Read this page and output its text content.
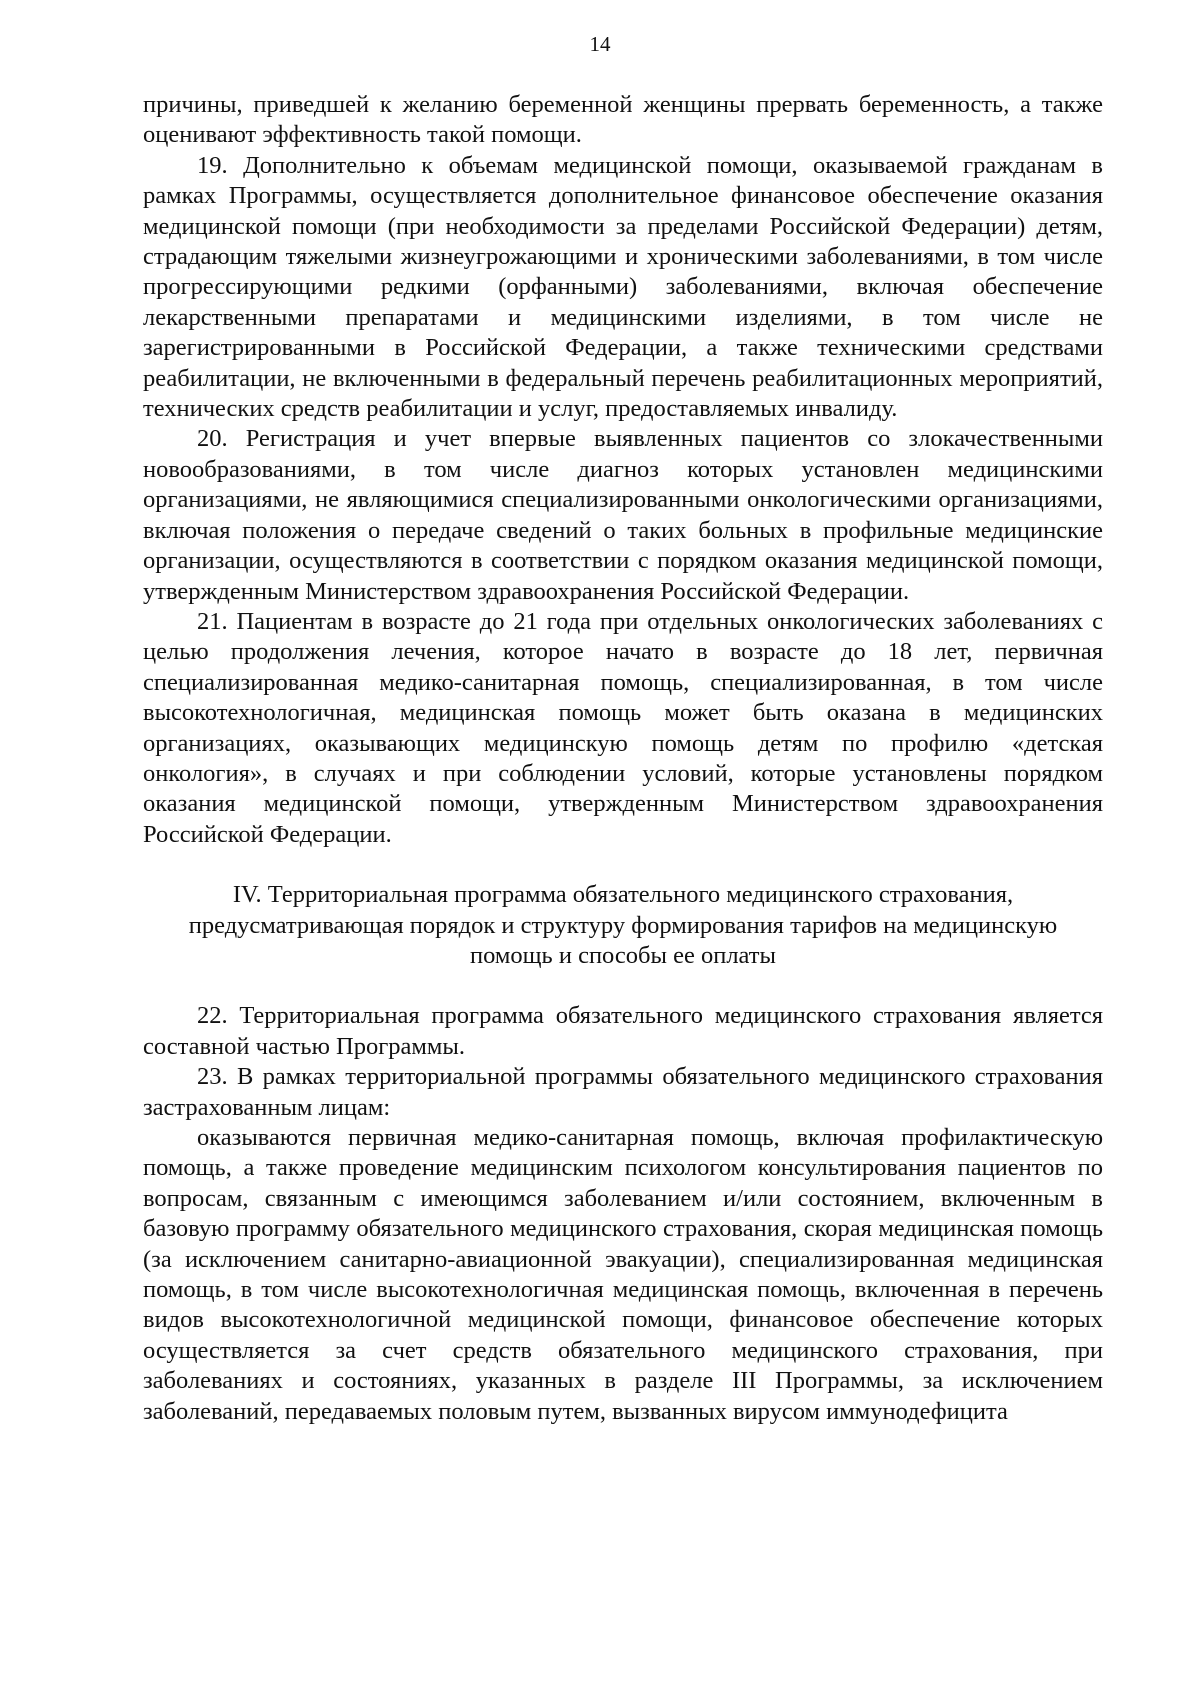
14

причины, приведшей к желанию беременной женщины прервать беременность, а также оценивают эффективность такой помощи.

19. Дополнительно к объемам медицинской помощи, оказываемой гражданам в рамках Программы, осуществляется дополнительное финансовое обеспечение оказания медицинской помощи (при необходимости за пределами Российской Федерации) детям, страдающим тяжелыми жизнеугрожающими и хроническими заболеваниями, в том числе прогрессирующими редкими (орфанными) заболеваниями, включая обеспечение лекарственными препаратами и медицинскими изделиями, в том числе не зарегистрированными в Российской Федерации, а также техническими средствами реабилитации, не включенными в федеральный перечень реабилитационных мероприятий, технических средств реабилитации и услуг, предоставляемых инвалиду.

20. Регистрация и учет впервые выявленных пациентов со злокачественными новообразованиями, в том числе диагноз которых установлен медицинскими организациями, не являющимися специализированными онкологическими организациями, включая положения о передаче сведений о таких больных в профильные медицинские организации, осуществляются в соответствии с порядком оказания медицинской помощи, утвержденным Министерством здравоохранения Российской Федерации.

21. Пациентам в возрасте до 21 года при отдельных онкологических заболеваниях с целью продолжения лечения, которое начато в возрасте до 18 лет, первичная специализированная медико-санитарная помощь, специализированная, в том числе высокотехнологичная, медицинская помощь может быть оказана в медицинских организациях, оказывающих медицинскую помощь детям по профилю «детская онкология», в случаях и при соблюдении условий, которые установлены порядком оказания медицинской помощи, утвержденным Министерством здравоохранения Российской Федерации.

IV. Территориальная программа обязательного медицинского страхования,
предусматривающая порядок и структуру формирования тарифов на медицинскую
помощь и способы ее оплаты

22. Территориальная программа обязательного медицинского страхования является составной частью Программы.

23. В рамках территориальной программы обязательного медицинского страхования застрахованным лицам:

оказываются первичная медико-санитарная помощь, включая профилактическую помощь, а также проведение медицинским психологом консультирования пациентов по вопросам, связанным с имеющимся заболеванием и/или состоянием, включенным в базовую программу обязательного медицинского страхования, скорая медицинская помощь (за исключением санитарно-авиационной эвакуации), специализированная медицинская помощь, в том числе высокотехнологичная медицинская помощь, включенная в перечень видов высокотехнологичной медицинской помощи, финансовое обеспечение которых осуществляется за счет средств обязательного медицинского страхования, при заболеваниях и состояниях, указанных в разделе III Программы, за исключением заболеваний, передаваемых половым путем, вызванных вирусом иммунодефицита
